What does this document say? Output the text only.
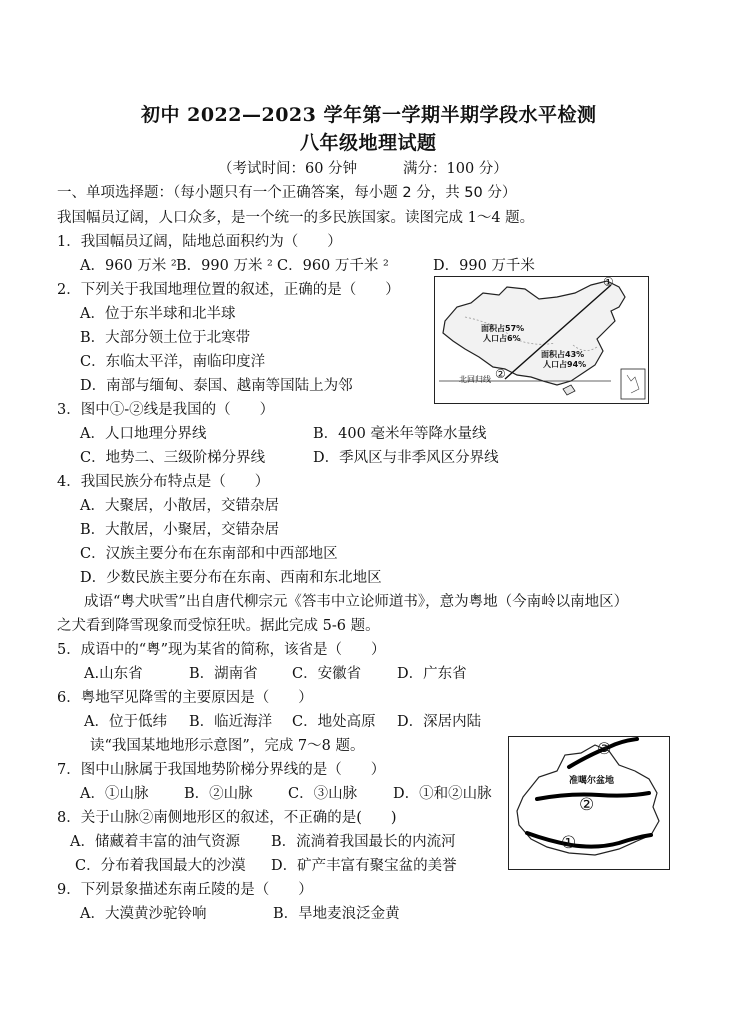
初中 2022—2023 学年第一学期半期学段水平检测
八年级地理试题
（考试时间：60 分钟	满分：100 分）
一、单项选择题：（每小题只有一个正确答案，每小题 2 分，共 50 分）
我国幅员辽阔，人口众多，是一个统一的多民族国家。读图完成 1～4 题。
1．我国幅员辽阔，陆地总面积约为（　　）
A．960 万米 ² B．990 万米 ² C．960 万千米 ²	D．990 万千米
2．下列关于我国地理位置的叙述，正确的是（　　）
A．位于东半球和北半球
B．大部分领土位于北寒带
C．东临太平洋，南临印度洋
D．南部与缅甸、泰国、越南等国陆上为邻
①
②
面积占57%
人口占6%
面积占43%
人口占94%
北回归线
3．图中①-②线是我国的（　　）
A．人口地理分界线	B．400 毫米年等降水量线
C．地势二、三级阶梯分界线	D．季风区与非季风区分界线
4．我国民族分布特点是（　　）
A．大聚居，小散居，交错杂居
B．大散居，小聚居，交错杂居
C．汉族主要分布在东南部和中西部地区
D．少数民族主要分布在东南、西南和东北地区
成语“粤犬吠雪”出自唐代柳宗元《答韦中立论师道书》，意为粤地（今南岭以南地区）
之犬看到降雪现象而受惊狂吠。据此完成 5-6 题。
5．成语中的“粤”现为某省的简称，该省是（　　）
A.山东省	B．湖南省 C．安徽省 D．广东省
6．粤地罕见降雪的主要原因是（　　）
A．位于低纬 B．临近海洋 C．地处高原 D．深居内陆
读“我国某地地形示意图”，完成 7～8 题。	③
准噶尔盆地
②
①
7．图中山脉属于我国地势阶梯分界线的是（　　）
A．①山脉 B．②山脉 C．③山脉 D．①和②山脉
8．关于山脉②南侧地形区的叙述，不正确的是(　　)
A．储藏着丰富的油气资源 B．流淌着我国最长的内流河
C．分布着我国最大的沙漠 D．矿产丰富有聚宝盆的美誉
9．下列景象描述东南丘陵的是（　　）
A．大漠黄沙驼铃响	B．旱地麦浪泛金黄
